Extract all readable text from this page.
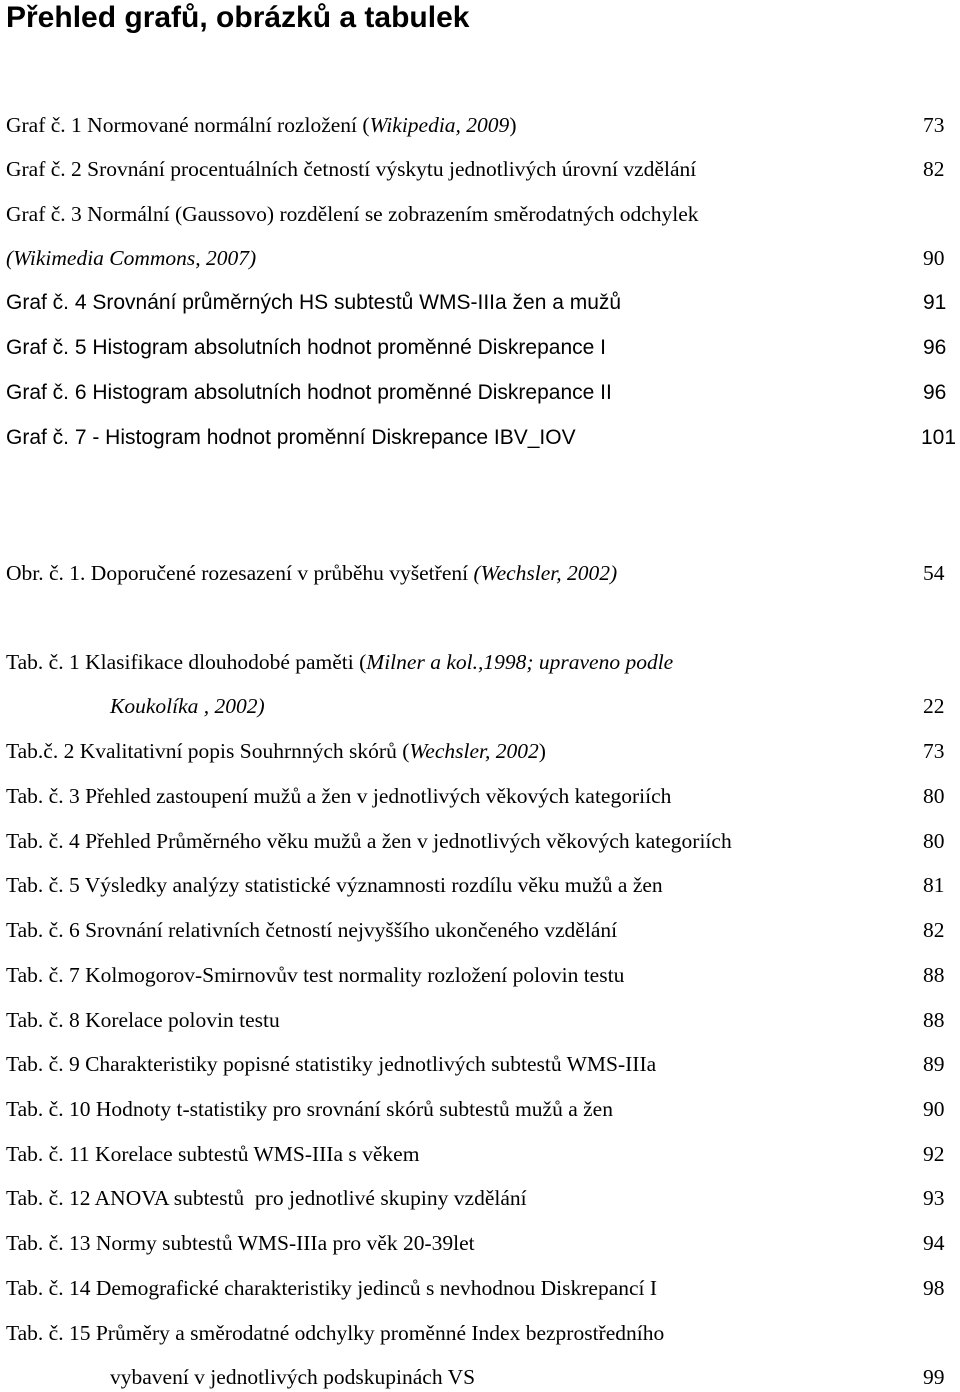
Přehled grafů, obrázků a tabulek
Graf č. 1 Normované normální rozložení (Wikipedia, 2009)	73
Graf č. 2 Srovnání procentuálních četností výskytu jednotlivých úrovní vzdělání	82
Graf č. 3 Normální (Gaussovo) rozdělení se zobrazením směrodatných odchylek
(Wikimedia Commons, 2007)	90
Graf č. 4 Srovnání průměrných HS subtestů WMS-IIIa žen a mužů	91
Graf č. 5 Histogram absolutních hodnot proměnné Diskrepance I	96
Graf č. 6 Histogram absolutních hodnot proměnné Diskrepance II	96
Graf č. 7 - Histogram hodnot proměnní Diskrepance IBV_IOV	101
Obr. č. 1. Doporučené rozesazení v průběhu vyšetření (Wechsler, 2002)	54
Tab. č. 1 Klasifikace dlouhodobé paměti (Milner a kol.,1998; upraveno podle
Koukolíka , 2002)	22
Tab.č. 2 Kvalitativní popis Souhrnných skórů (Wechsler, 2002)	73
Tab. č. 3 Přehled zastoupení mužů a žen v jednotlivých věkových kategoriích	80
Tab. č. 4 Přehled Průměrného věku mužů a žen v jednotlivých věkových kategoriích	80
Tab. č. 5 Výsledky analýzy statistické významnosti rozdílu věku mužů a žen	81
Tab. č. 6 Srovnání relativních četností nejvyššího ukončeného vzdělání	82
Tab. č. 7 Kolmogorov-Smirnovův test normality rozložení polovin testu	88
Tab. č. 8 Korelace polovin testu	88
Tab. č. 9 Charakteristiky popisné statistiky jednotlivých subtestů WMS-IIIa	89
Tab. č. 10 Hodnoty t-statistiky pro srovnání skórů subtestů mužů a žen	90
Tab. č. 11 Korelace subtestů WMS-IIIa s věkem	92
Tab. č. 12 ANOVA subtestů  pro jednotlivé skupiny vzdělání	93
Tab. č. 13 Normy subtestů WMS-IIIa pro věk 20-39let	94
Tab. č. 14 Demografické charakteristiky jedinců s nevhodnou Diskrepancí I	98
Tab. č. 15 Průměry a směrodatné odchylky proměnné Index bezprostředního
vybavení v jednotlivých podskupinách VS	99
